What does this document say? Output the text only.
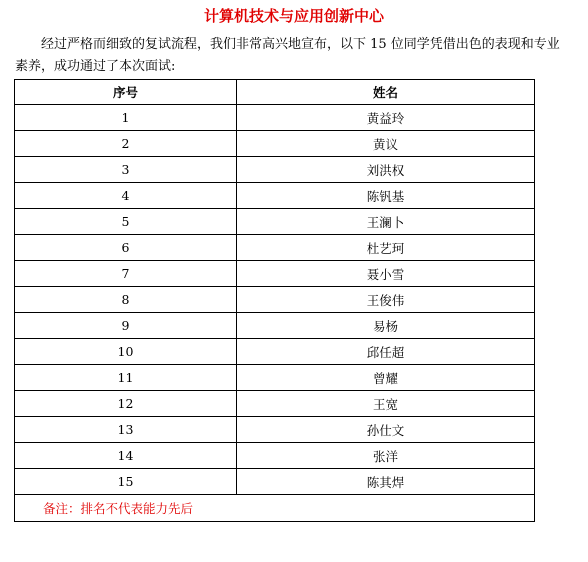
计算机技术与应用创新中心

经过严格而细致的复试流程，我们非常高兴地宣布，以下 15 位同学凭借出色的表现和专业素养，成功通过了本次面试:

序号	姓名
1	黄益玲
2	黄议
3	刘洪权
4	陈钒基
5	王澜卜
6	杜艺珂
7	聂小雪
8	王俊伟
9	易杨
10	邱任超
11	曾耀
12	王宽
13	孙仕文
14	张洋
15	陈其焊
备注：排名不代表能力先后	
